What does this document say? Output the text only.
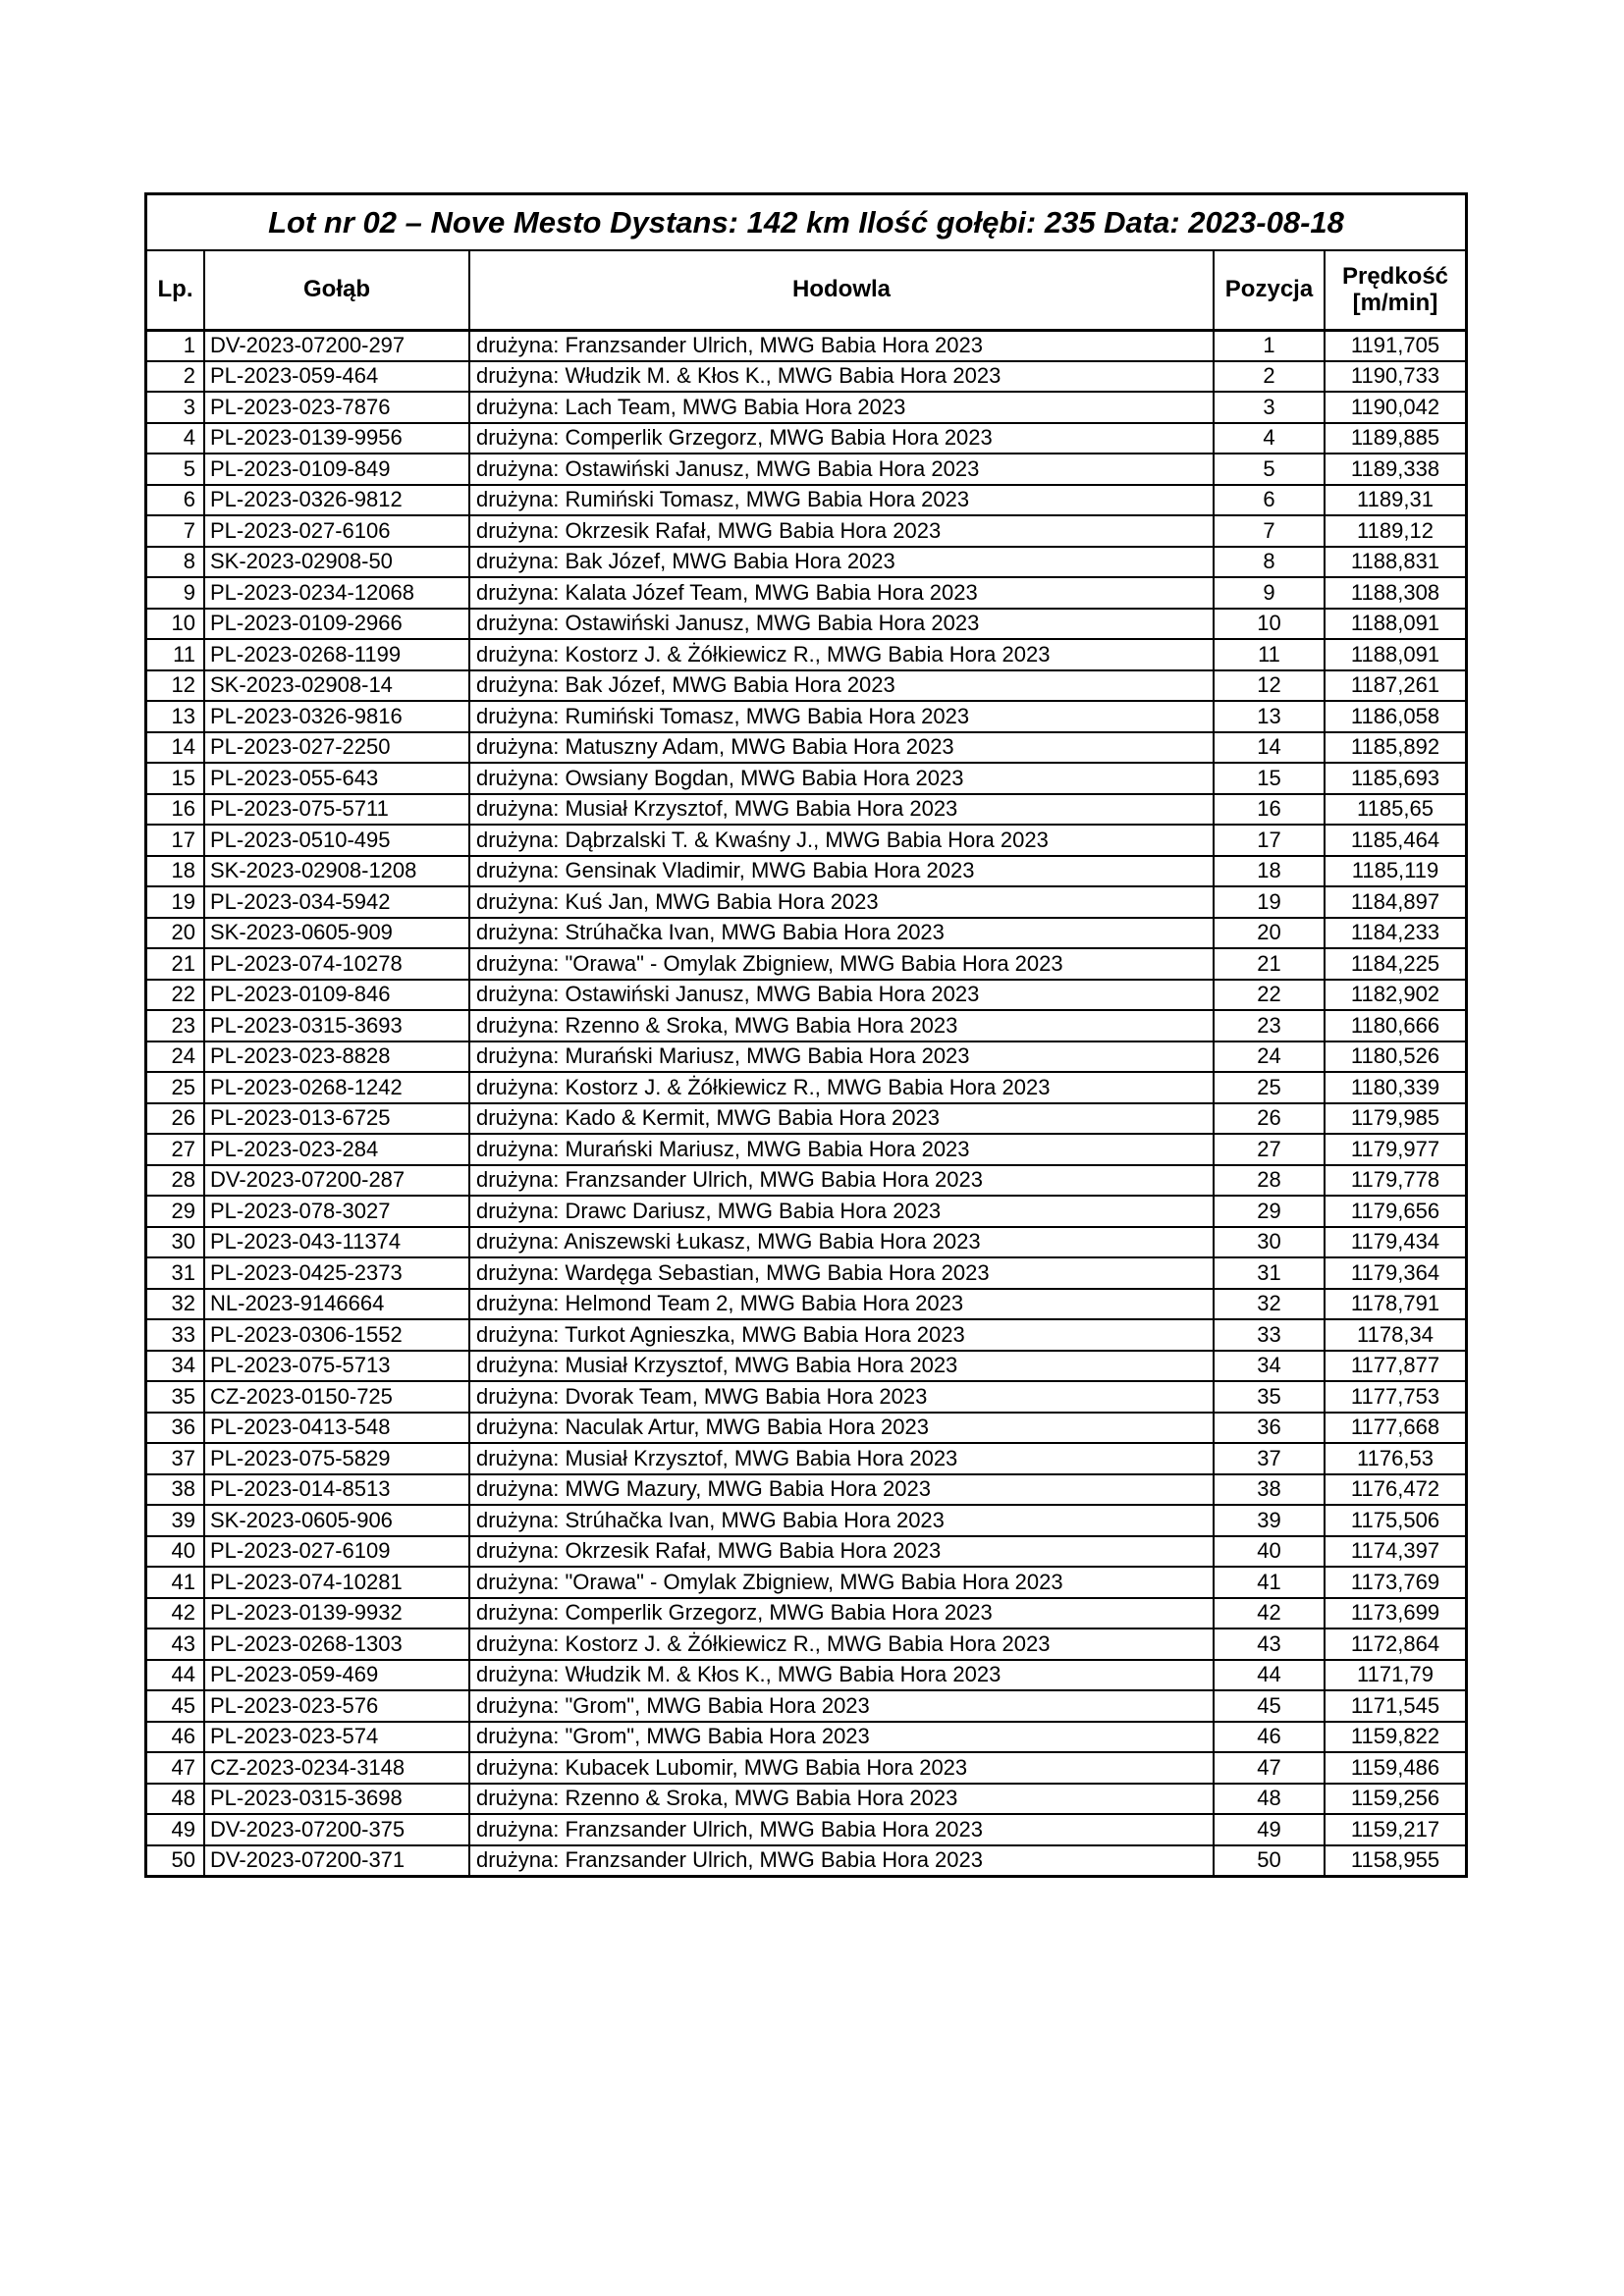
Lot nr 02 – Nove Mesto Dystans: 142 km Ilość gołębi: 235 Data: 2023-08-18				
Lp.	Gołąb	Hodowla	Pozycja	Prędkość
[m/min]

1	DV-2023-07200-297	drużyna: Franzsander Ulrich, MWG Babia Hora 2023	1	1191,705
2	PL-2023-059-464	drużyna: Włudzik M. & Kłos K., MWG Babia Hora 2023	2	1190,733
3	PL-2023-023-7876	drużyna: Lach Team, MWG Babia Hora 2023	3	1190,042
4	PL-2023-0139-9956	drużyna: Comperlik Grzegorz, MWG Babia Hora 2023	4	1189,885
5	PL-2023-0109-849	drużyna: Ostawiński Janusz, MWG Babia Hora 2023	5	1189,338
6	PL-2023-0326-9812	drużyna: Rumiński Tomasz, MWG Babia Hora 2023	6	1189,31
7	PL-2023-027-6106	drużyna: Okrzesik Rafał, MWG Babia Hora 2023	7	1189,12
8	SK-2023-02908-50	drużyna: Bak Józef, MWG Babia Hora 2023	8	1188,831
9	PL-2023-0234-12068	drużyna: Kalata Józef Team, MWG Babia Hora 2023	9	1188,308
10	PL-2023-0109-2966	drużyna: Ostawiński Janusz, MWG Babia Hora 2023	10	1188,091
11	PL-2023-0268-1199	drużyna: Kostorz J. & Żółkiewicz R., MWG Babia Hora 2023	11	1188,091
12	SK-2023-02908-14	drużyna: Bak Józef, MWG Babia Hora 2023	12	1187,261
13	PL-2023-0326-9816	drużyna: Rumiński Tomasz, MWG Babia Hora 2023	13	1186,058
14	PL-2023-027-2250	drużyna: Matuszny Adam, MWG Babia Hora 2023	14	1185,892
15	PL-2023-055-643	drużyna: Owsiany Bogdan, MWG Babia Hora 2023	15	1185,693
16	PL-2023-075-5711	drużyna: Musiał Krzysztof, MWG Babia Hora 2023	16	1185,65
17	PL-2023-0510-495	drużyna: Dąbrzalski T. & Kwaśny J., MWG Babia Hora 2023	17	1185,464
18	SK-2023-02908-1208	drużyna: Gensinak Vladimir, MWG Babia Hora 2023	18	1185,119
19	PL-2023-034-5942	drużyna: Kuś Jan, MWG Babia Hora 2023	19	1184,897
20	SK-2023-0605-909	drużyna: Strúhačka Ivan, MWG Babia Hora 2023	20	1184,233
21	PL-2023-074-10278	drużyna: "Orawa" - Omylak Zbigniew, MWG Babia Hora 2023	21	1184,225
22	PL-2023-0109-846	drużyna: Ostawiński Janusz, MWG Babia Hora 2023	22	1182,902
23	PL-2023-0315-3693	drużyna: Rzenno & Sroka, MWG Babia Hora 2023	23	1180,666
24	PL-2023-023-8828	drużyna: Murański Mariusz, MWG Babia Hora 2023	24	1180,526
25	PL-2023-0268-1242	drużyna: Kostorz J. & Żółkiewicz R., MWG Babia Hora 2023	25	1180,339
26	PL-2023-013-6725	drużyna: Kado & Kermit, MWG Babia Hora 2023	26	1179,985
27	PL-2023-023-284	drużyna: Murański Mariusz, MWG Babia Hora 2023	27	1179,977
28	DV-2023-07200-287	drużyna: Franzsander Ulrich, MWG Babia Hora 2023	28	1179,778
29	PL-2023-078-3027	drużyna: Drawc Dariusz, MWG Babia Hora 2023	29	1179,656
30	PL-2023-043-11374	drużyna: Aniszewski Łukasz, MWG Babia Hora 2023	30	1179,434
31	PL-2023-0425-2373	drużyna: Wardęga Sebastian, MWG Babia Hora 2023	31	1179,364
32	NL-2023-9146664	drużyna: Helmond Team 2, MWG Babia Hora 2023	32	1178,791
33	PL-2023-0306-1552	drużyna: Turkot Agnieszka, MWG Babia Hora 2023	33	1178,34
34	PL-2023-075-5713	drużyna: Musiał Krzysztof, MWG Babia Hora 2023	34	1177,877
35	CZ-2023-0150-725	drużyna: Dvorak Team, MWG Babia Hora 2023	35	1177,753
36	PL-2023-0413-548	drużyna: Naculak Artur, MWG Babia Hora 2023	36	1177,668
37	PL-2023-075-5829	drużyna: Musiał Krzysztof, MWG Babia Hora 2023	37	1176,53
38	PL-2023-014-8513	drużyna: MWG Mazury, MWG Babia Hora 2023	38	1176,472
39	SK-2023-0605-906	drużyna: Strúhačka Ivan, MWG Babia Hora 2023	39	1175,506
40	PL-2023-027-6109	drużyna: Okrzesik Rafał, MWG Babia Hora 2023	40	1174,397
41	PL-2023-074-10281	drużyna: "Orawa" - Omylak Zbigniew, MWG Babia Hora 2023	41	1173,769
42	PL-2023-0139-9932	drużyna: Comperlik Grzegorz, MWG Babia Hora 2023	42	1173,699
43	PL-2023-0268-1303	drużyna: Kostorz J. & Żółkiewicz R., MWG Babia Hora 2023	43	1172,864
44	PL-2023-059-469	drużyna: Włudzik M. & Kłos K., MWG Babia Hora 2023	44	1171,79
45	PL-2023-023-576	drużyna: "Grom", MWG Babia Hora 2023	45	1171,545
46	PL-2023-023-574	drużyna: "Grom", MWG Babia Hora 2023	46	1159,822
47	CZ-2023-0234-3148	drużyna: Kubacek Lubomir, MWG Babia Hora 2023	47	1159,486
48	PL-2023-0315-3698	drużyna: Rzenno & Sroka, MWG Babia Hora 2023	48	1159,256
49	DV-2023-07200-375	drużyna: Franzsander Ulrich, MWG Babia Hora 2023	49	1159,217
50	DV-2023-07200-371	drużyna: Franzsander Ulrich, MWG Babia Hora 2023	50	1158,955
